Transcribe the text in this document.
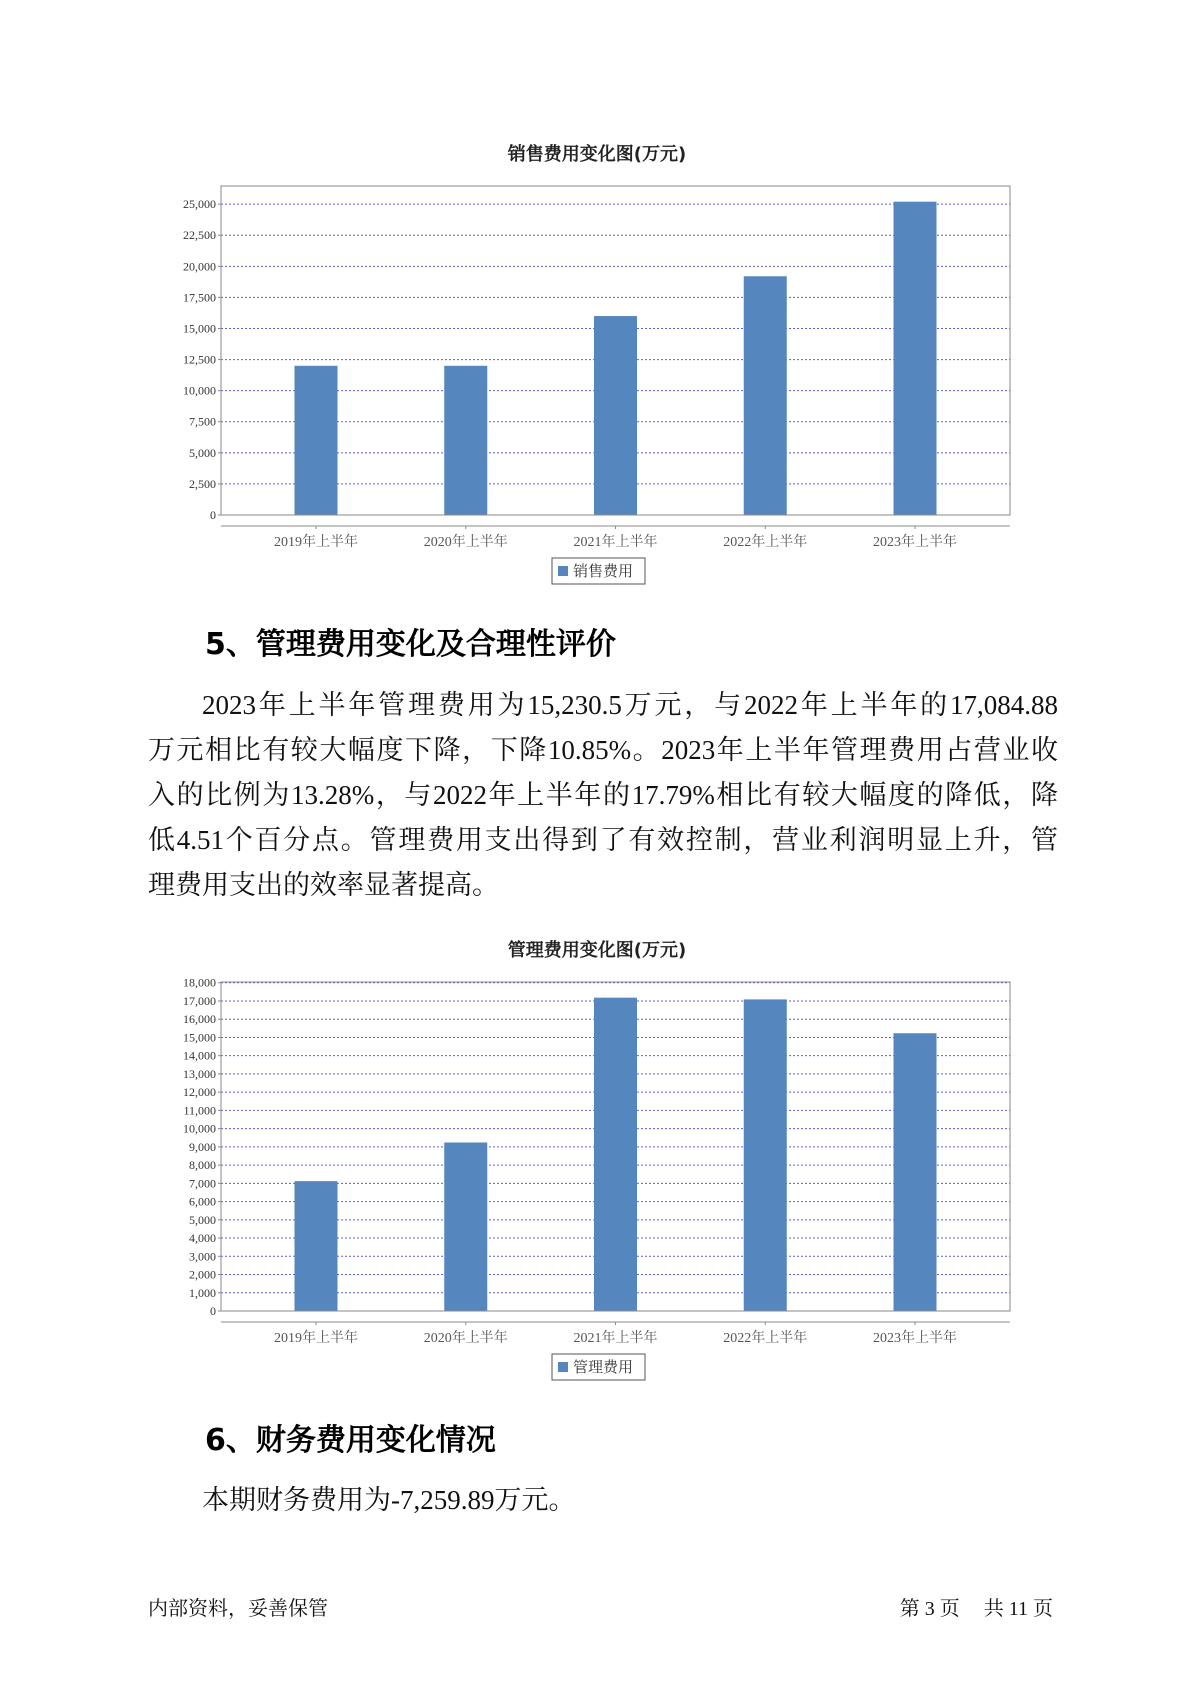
销售费用变化图(万元)
0
2,500
5,000
7,500
10,000
12,500
15,000
17,500
20,000
22,500
25,000
2019年上半年	2020年上半年	2021年上半年	2022年上半年	2023年上半年
销售费用
5、管理费用变化及合理性评价
2023年上半年管理费用为15,230.5万元，与2022年上半年的17,084.88
万元相比有较大幅度下降，下降10.85%。2023年上半年管理费用占营业收
入的比例为13.28%，与2022年上半年的17.79%相比有较大幅度的降低，降
低4.51个百分点。管理费用支出得到了有效控制，营业利润明显上升，管
理费用支出的效率显著提高。
管理费用变化图(万元)
0
1,000
2,000
3,000
4,000
5,000
6,000
7,000
8,000
9,000
10,000
11,000
12,000
13,000
14,000
15,000
16,000
17,000
18,000
2019年上半年	2020年上半年	2021年上半年	2022年上半年	2023年上半年
管理费用
6、财务费用变化情况
本期财务费用为-7,259.89万元。
内部资料，妥善保管	第 3 页 共 11 页
